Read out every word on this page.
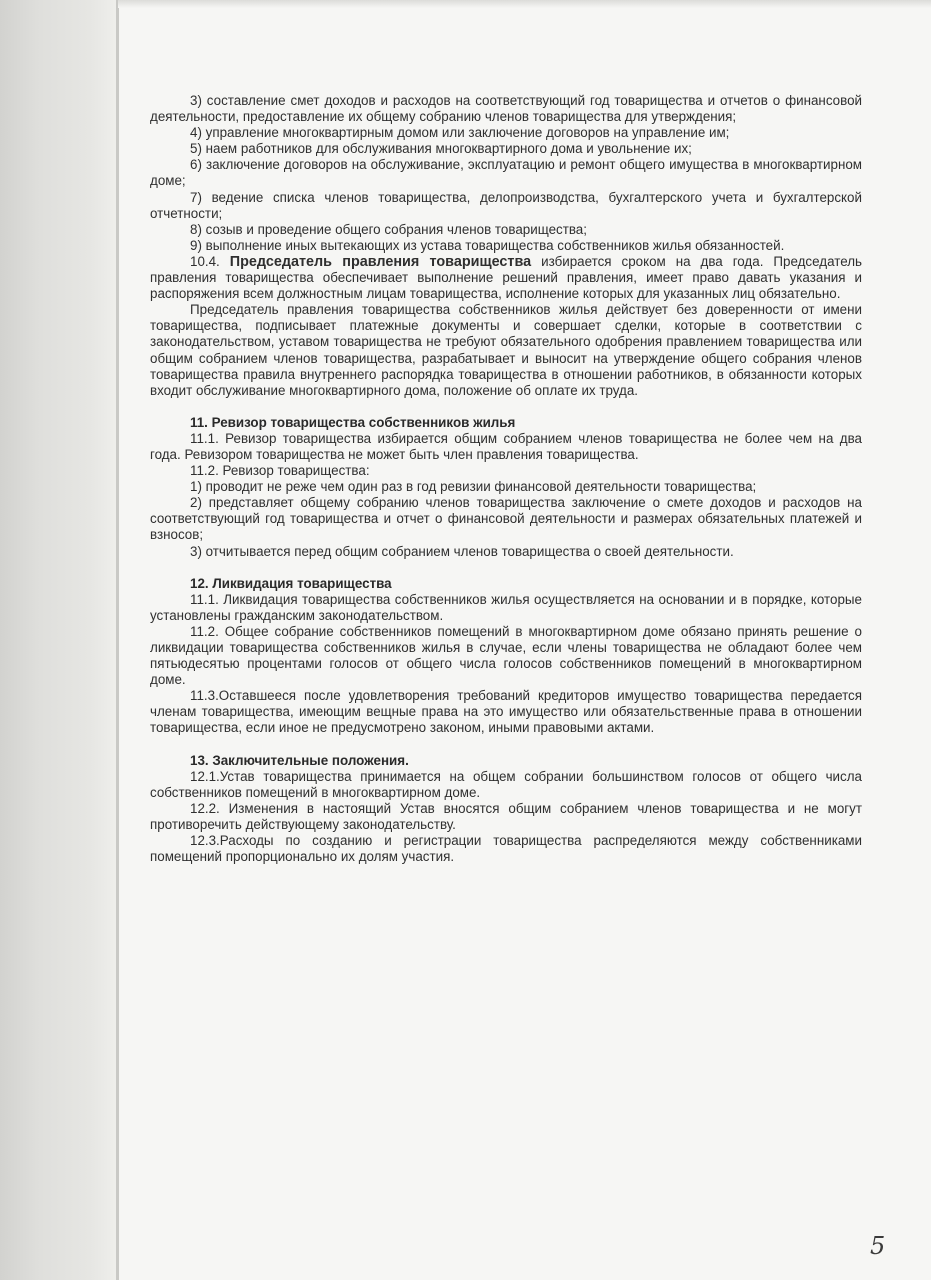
3) составление смет доходов и расходов на соответствующий год товарищества и отчетов о финансовой деятельности, предоставление их общему собранию членов товарищества для утверждения;

4) управление многоквартирным домом или заключение договоров на управление им;

5) наем работников для обслуживания многоквартирного дома и увольнение их;

6) заключение договоров на обслуживание, эксплуатацию и ремонт общего имущества в многоквартирном доме;

7) ведение списка членов товарищества, делопроизводства, бухгалтерского учета и бухгалтерской отчетности;

8) созыв и проведение общего собрания членов товарищества;

9) выполнение иных вытекающих из устава товарищества собственников жилья обязанностей.

10.4. Председатель правления товарищества избирается сроком на два года. Председатель правления товарищества обеспечивает выполнение решений правления, имеет право давать указания и распоряжения всем должностным лицам товарищества, исполнение которых для указанных лиц обязательно.

Председатель правления товарищества собственников жилья действует без доверенности от имени товарищества, подписывает платежные документы и совершает сделки, которые в соответствии с законодательством, уставом товарищества не требуют обязательного одобрения правлением товарищества или общим собранием членов товарищества, разрабатывает и выносит на утверждение общего собрания членов товарищества правила внутреннего распорядка товарищества в отношении работников, в обязанности которых входит обслуживание многоквартирного дома, положение об оплате их труда.

11. Ревизор товарищества собственников жилья

11.1. Ревизор товарищества избирается общим собранием членов товарищества не более чем на два года. Ревизором товарищества не может быть член правления товарищества.

11.2. Ревизор товарищества:

1) проводит не реже чем один раз в год ревизии финансовой деятельности товарищества;

2) представляет общему собранию членов товарищества заключение о смете доходов и расходов на соответствующий год товарищества и отчет о финансовой деятельности и размерах обязательных платежей и взносов;

3) отчитывается перед общим собранием членов товарищества о своей деятельности.

12. Ликвидация товарищества

11.1. Ликвидация товарищества собственников жилья осуществляется на основании и в порядке, которые установлены гражданским законодательством.

11.2. Общее собрание собственников помещений в многоквартирном доме обязано принять решение о ликвидации товарищества собственников жилья в случае, если члены товарищества не обладают более чем пятьюдесятью процентами голосов от общего числа голосов собственников помещений в многоквартирном доме.

11.3.Оставшееся после удовлетворения требований кредиторов имущество товарищества передается членам товарищества, имеющим вещные права на это имущество или обязательственные права в отношении товарищества, если иное не предусмотрено законом, иными правовыми актами.

13. Заключительные положения.

12.1.Устав товарищества принимается на общем собрании большинством голосов от общего числа собственников помещений в многоквартирном доме.

12.2. Изменения в настоящий Устав вносятся общим собранием членов товарищества и не могут противоречить действующему законодательству.

12.3.Расходы по созданию и регистрации товарищества распределяются между собственниками помещений пропорционально их долям участия.

5
